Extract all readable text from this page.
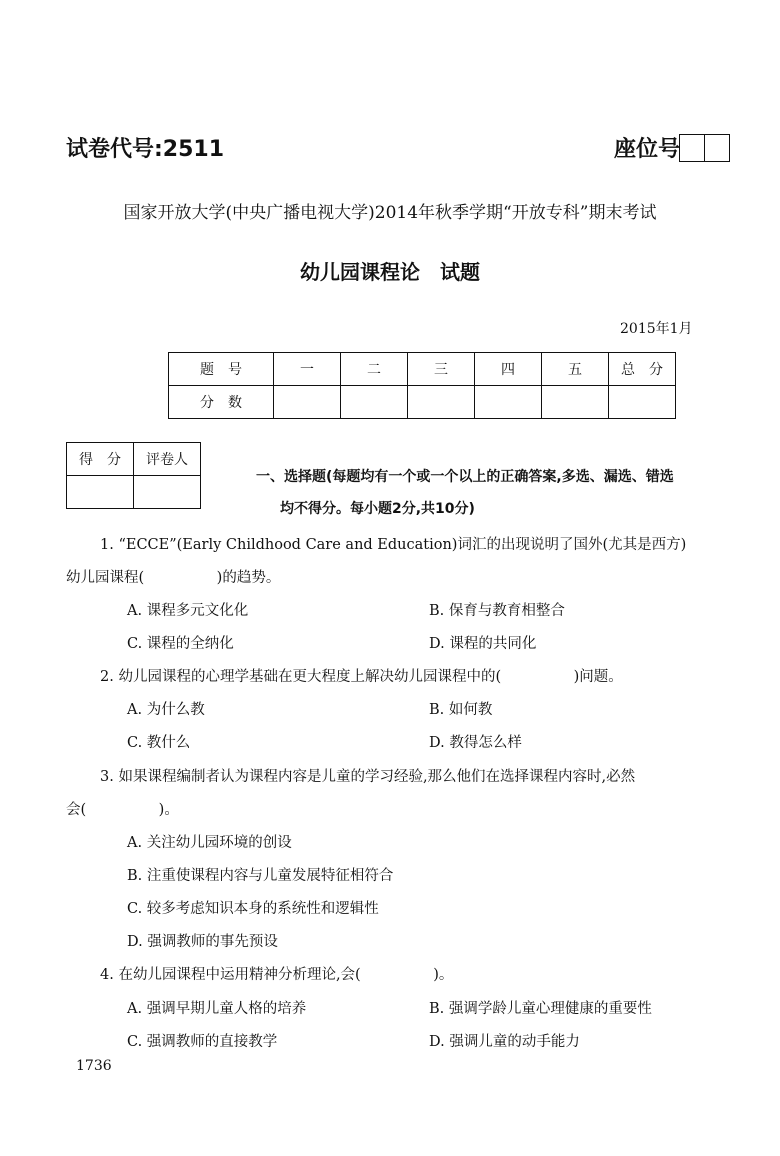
试卷代号:2511	座位号
国家开放大学(中央广播电视大学)2014年秋季学期“开放专科”期末考试
幼儿园课程论　试题
2015年1月
题　号	一	二	三	四	五	总　分
分　数						
得　分	评卷人

一、选择题(每题均有一个或一个以上的正确答案,多选、漏选、错选
均不得分。每小题2分,共10分)
1. “ECCE”(Early Childhood Care and Education)词汇的出现说明了国外(尤其是西方)
幼儿园课程(　　　　　)的趋势。
A. 课程多元文化化	B. 保育与教育相整合
C. 课程的全纳化	D. 课程的共同化
2. 幼儿园课程的心理学基础在更大程度上解决幼儿园课程中的(　　　　　)问题。
A. 为什么教	B. 如何教
C. 教什么	D. 教得怎么样
3. 如果课程编制者认为课程内容是儿童的学习经验,那么他们在选择课程内容时,必然
会(　　　　　)。
A. 关注幼儿园环境的创设
B. 注重使课程内容与儿童发展特征相符合
C. 较多考虑知识本身的系统性和逻辑性
D. 强调教师的事先预设
4. 在幼儿园课程中运用精神分析理论,会(　　　　　)。
A. 强调早期儿童人格的培养	B. 强调学龄儿童心理健康的重要性
C. 强调教师的直接教学	D. 强调儿童的动手能力
1736
